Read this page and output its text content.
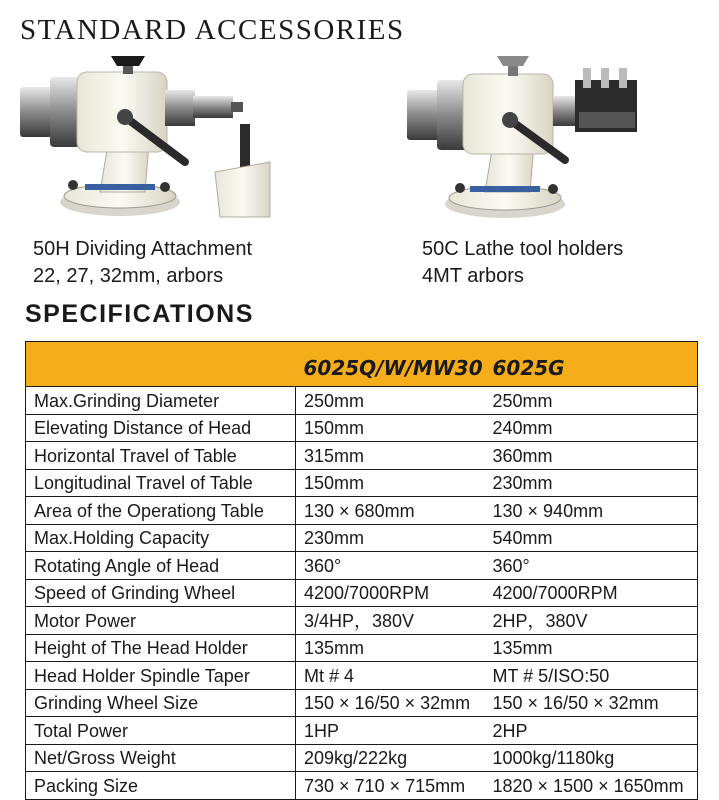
STANDARD ACCESSORIES
50H Dividing Attachment
22, 27, 32mm, arbors
50C Lathe tool holders
4MT arbors
SPECIFICATIONS
	6025Q/W/MW30	6025G
Max.Grinding Diameter	250mm	250mm
Elevating Distance of Head	150mm	240mm
Horizontal Travel of Table	315mm	360mm
Longitudinal Travel of Table	150mm	230mm
Area of the Operationg Table	130 × 680mm	130 × 940mm
Max.Holding Capacity	230mm	540mm
Rotating Angle of Head	360°	360°
Speed of Grinding Wheel	4200/7000RPM	4200/7000RPM
Motor Power	3/4HP，380V	2HP，380V
Height of The Head Holder	135mm	135mm
Head Holder Spindle Taper	Mt # 4	MT # 5/ISO:50
Grinding Wheel Size	150 × 16/50 × 32mm	150 × 16/50 × 32mm
Total Power	1HP	2HP
Net/Gross Weight	209kg/222kg	1000kg/1180kg
Packing Size	730 × 710 × 715mm	1820 × 1500 × 1650mm
